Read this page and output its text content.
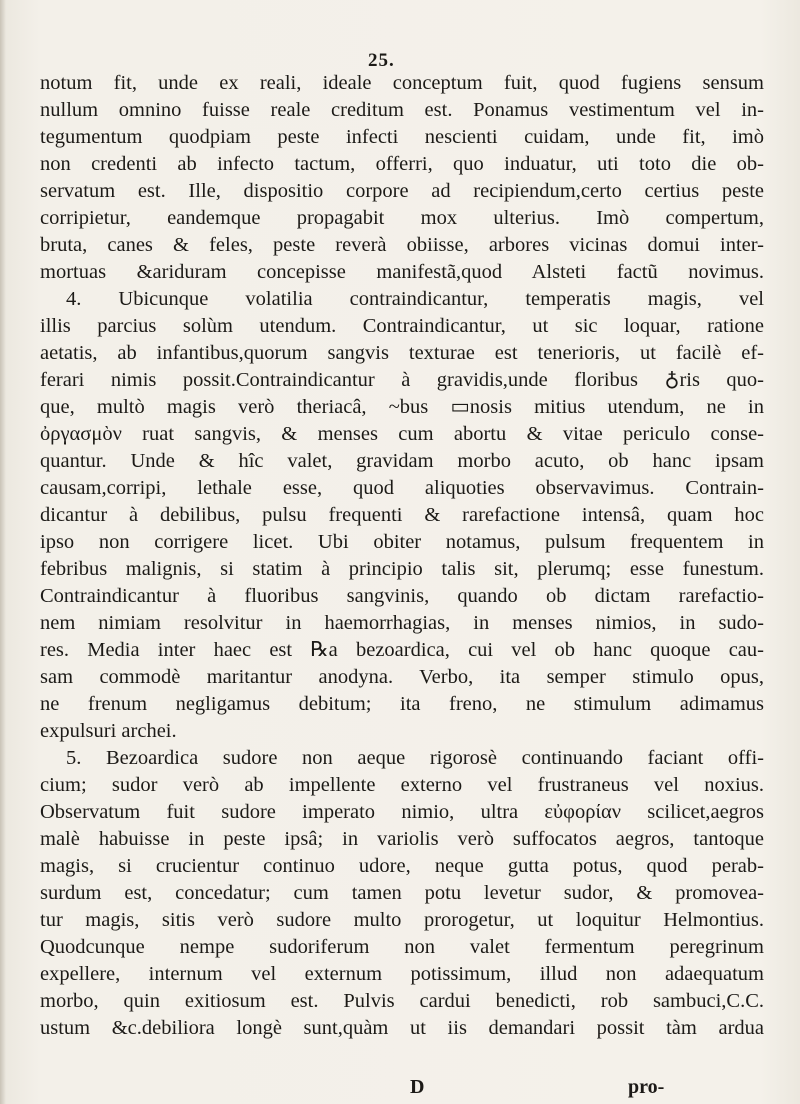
25.
notum fit, unde ex reali, ideale conceptum fuit, quod fugiens sensum
nullum omnino fuisse reale creditum est. Ponamus vestimentum vel in-
tegumentum quodpiam peste infecti nescienti cuidam, unde fit, imò
non credenti ab infecto tactum, offerri, quo induatur, uti toto die ob-
servatum est. Ille, dispositio corpore ad recipiendum,certo certius peste
corripietur, eandemque propagabit mox ulterius. Imò compertum,
bruta, canes & feles, peste reverà obiisse, arbores vicinas domui inter-
mortuas &ariduram concepisse manifestã,quod Alsteti factũ novimus.
4. Ubicunque volatilia contraindicantur, temperatis magis, vel
illis parcius solùm utendum. Contraindicantur, ut sic loquar, ratione
aetatis, ab infantibus,quorum sangvis texturae est tenerioris, ut facilè ef-
ferari nimis possit.Contraindicantur à gravidis,unde floribus ♁ris quo-
que, multò magis verò theriacâ, ~bus ▭nosis mitius utendum, ne in
ὀργασμὸν ruat sangvis, & menses cum abortu & vitae periculo conse-
quantur. Unde & hîc valet, gravidam morbo acuto, ob hanc ipsam
causam,corripi, lethale esse, quod aliquoties observavimus. Contrain-
dicantur à debilibus, pulsu frequenti & rarefactione intensâ, quam hoc
ipso non corrigere licet. Ubi obiter notamus, pulsum frequentem in
febribus malignis, si statim à principio talis sit, plerumq; esse funestum.
Contraindicantur à fluoribus sangvinis, quando ob dictam rarefactio-
nem nimiam resolvitur in haemorrhagias, in menses nimios, in sudo-
res. Media inter haec est ℞a bezoardica, cui vel ob hanc quoque cau-
sam commodè maritantur anodyna. Verbo, ita semper stimulo opus,
ne frenum negligamus debitum; ita freno, ne stimulum adimamus
expulsuri archei.
5. Bezoardica sudore non aeque rigorosè continuando faciant offi-
cium; sudor verò ab impellente externo vel frustraneus vel noxius.
Observatum fuit sudore imperato nimio, ultra εὐφορίαν scilicet,aegros
malè habuisse in peste ipsâ; in variolis verò suffocatos aegros, tantoque
magis, si crucientur continuo udore, neque gutta potus, quod perab-
surdum est, concedatur; cum tamen potu levetur sudor, & promovea-
tur magis, sitis verò sudore multo prorogetur, ut loquitur Helmontius.
Quodcunque nempe sudoriferum non valet fermentum peregrinum
expellere, internum vel externum potissimum, illud non adaequatum
morbo, quin exitiosum est. Pulvis cardui benedicti, rob sambuci,C.C.
ustum &c.debiliora longè sunt,quàm ut iis demandari possit tàm ardua
D	pro-
